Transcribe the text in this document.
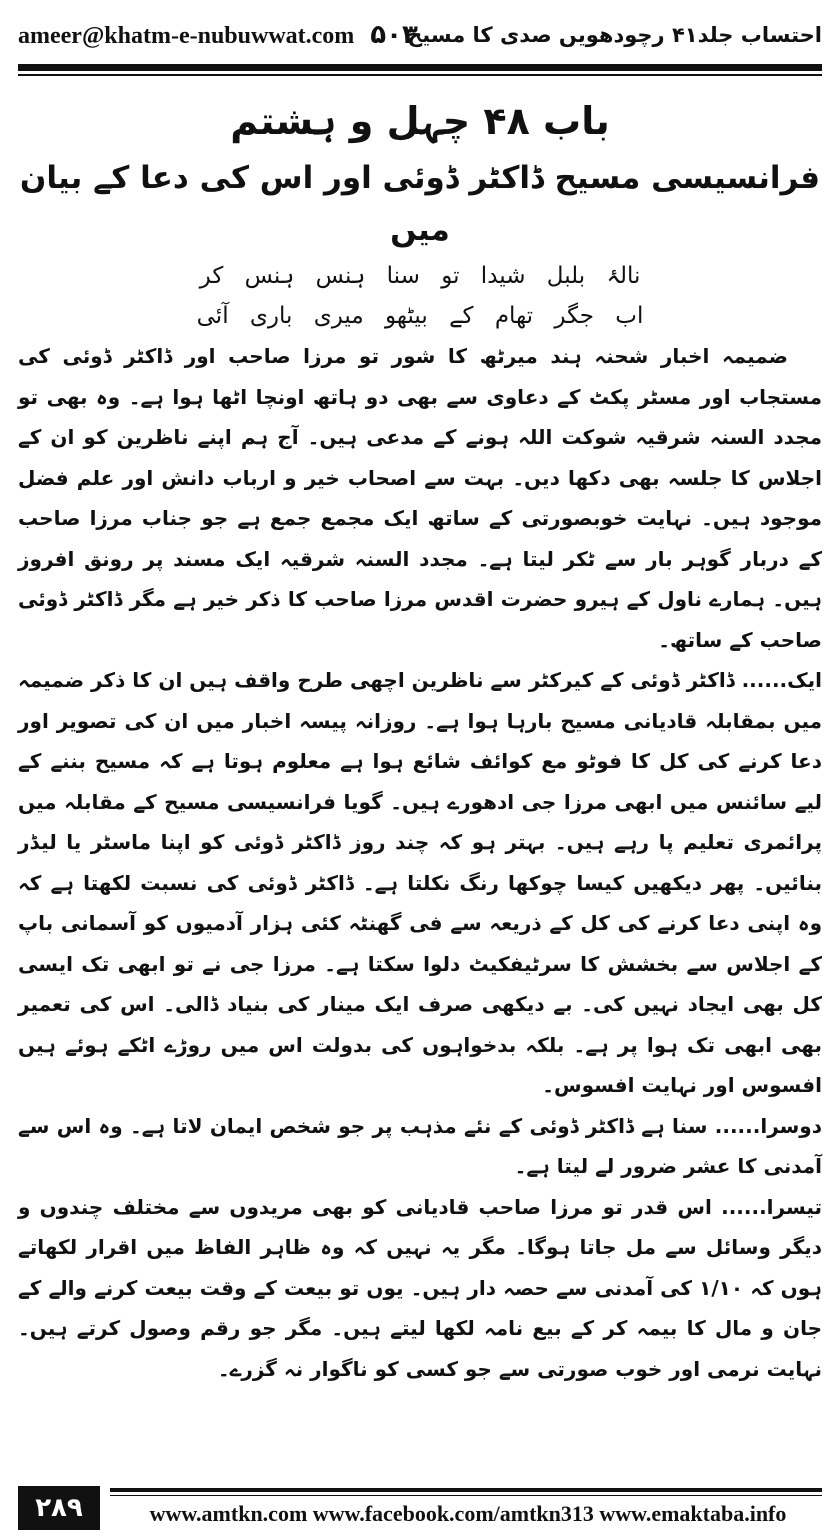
ameer@khatm-e-nubuwwat.com ۵۰۳
احتساب جلد۴۱ رچودھویں صدی کا مسیح
باب ۴۸ چہل و ہشتم
فرانسیسی مسیح ڈاکٹر ڈوئی اور اس کی دعا کے بیان میں
نالۂ بلبل شیدا تو سنا ہنس ہنس کر
اب جگر تھام کے بیٹھو میری باری آئی

ضمیمہ اخبار شحنہ ہند میرٹھ کا شور تو مرزا صاحب اور ڈاکٹر ڈوئی کی مستجاب اور مسٹر پکٹ کے دعاوی سے بھی دو ہاتھ اونچا اٹھا ہوا ہے۔ وہ بھی تو مجدد السنہ شرقیہ شوکت اللہ ہونے کے مدعی ہیں۔ آج ہم اپنے ناظرین کو ان کے اجلاس کا جلسہ بھی دکھا دیں۔ بہت سے اصحاب خیر و ارباب دانش اور علم فضل موجود ہیں۔ نہایت خوبصورتی کے ساتھ ایک مجمع جمع ہے جو جناب مرزا صاحب کے دربار گوہر بار سے ٹکر لیتا ہے۔ مجدد السنہ شرقیہ ایک مسند پر رونق افروز ہیں۔ ہمارے ناول کے ہیرو حضرت اقدس مرزا صاحب کا ذکر خیر ہے مگر ڈاکٹر ڈوئی صاحب کے ساتھ۔

ایک...... ڈاکٹر ڈوئی کے کیرکٹر سے ناظرین اچھی طرح واقف ہیں ان کا ذکر ضمیمہ میں بمقابلہ قادیانی مسیح بارہا ہوا ہے۔ روزانہ پیسہ اخبار میں ان کی تصویر اور دعا کرنے کی کل کا فوٹو مع کوائف شائع ہوا ہے معلوم ہوتا ہے کہ مسیح بننے کے لیے سائنس میں ابھی مرزا جی ادھورے ہیں۔ گویا فرانسیسی مسیح کے مقابلہ میں پرائمری تعلیم پا رہے ہیں۔ بہتر ہو کہ چند روز ڈاکٹر ڈوئی کو اپنا ماسٹر یا لیڈر بنائیں۔ پھر دیکھیں کیسا چوکھا رنگ نکلتا ہے۔ ڈاکٹر ڈوئی کی نسبت لکھتا ہے کہ وہ اپنی دعا کرنے کی کل کے ذریعہ سے فی گھنٹہ کئی ہزار آدمیوں کو آسمانی باپ کے اجلاس سے بخشش کا سرٹیفکیٹ دلوا سکتا ہے۔ مرزا جی نے تو ابھی تک ایسی کل بھی ایجاد نہیں کی۔ بے دیکھی صرف ایک مینار کی بنیاد ڈالی۔ اس کی تعمیر بھی ابھی تک ہوا پر ہے۔ بلکہ بدخواہوں کی بدولت اس میں روڑے اٹکے ہوئے ہیں افسوس اور نہایت افسوس۔

دوسرا...... سنا ہے ڈاکٹر ڈوئی کے نئے مذہب پر جو شخص ایمان لاتا ہے۔ وہ اس سے آمدنی کا عشر ضرور لے لیتا ہے۔

تیسرا...... اس قدر تو مرزا صاحب قادیانی کو بھی مریدوں سے مختلف چندوں و دیگر وسائل سے مل جاتا ہوگا۔ مگر یہ نہیں کہ وہ ظاہر الفاظ میں اقرار لکھاتے ہوں کہ ۱/۱۰ کی آمدنی سے حصہ دار ہیں۔ یوں تو بیعت کے وقت بیعت کرنے والے کے جان و مال کا بیمہ کر کے بیع نامہ لکھا لیتے ہیں۔ مگر جو رقم وصول کرتے ہیں۔ نہایت نرمی اور خوب صورتی سے جو کسی کو ناگوار نہ گزرے۔

۲۸۹	www.amtkn.com www.facebook.com/amtkn313 www.emaktaba.info
